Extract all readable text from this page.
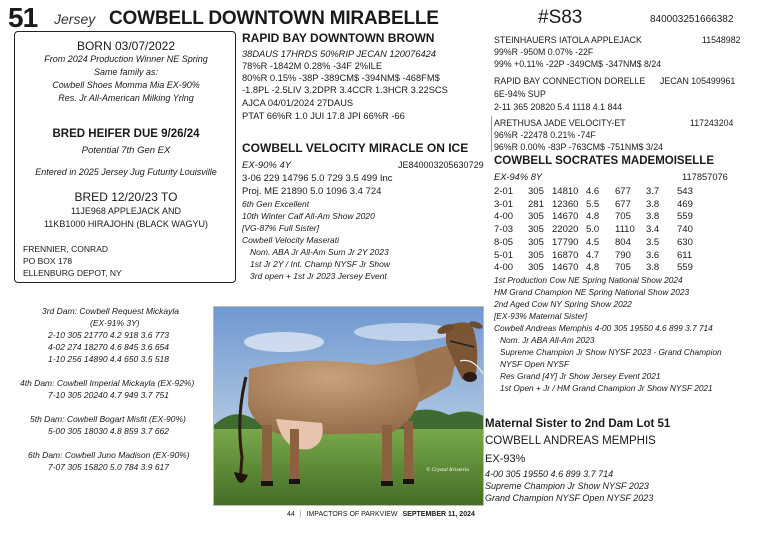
51 Jersey COWBELL DOWNTOWN MIRABELLE	#S83	840003251666382
BORN 03/07/2022
From 2024 Production Winner NE Spring
Same family as:
Cowbell Shoes Momma Mia EX-90%
Res. Jr All-American Milking Yrlng
BRED HEIFER DUE 9/26/24
Potential 7th Gen EX
Entered in 2025 Jersey Jug Futurity Louisville
BRED 12/20/23 TO
11JE968 APPLEJACK AND
11KB1000 HIRAJOHN (BLACK WAGYU)
FRENNIER, CONRAD
PO BOX 178
ELLENBURG DEPOT, NY
RAPID BAY DOWNTOWN BROWN
38DAUS 17HRDS 50%RIP JECAN 120076424
78%R -1842M 0.28% -34F 2%ILE
80%R 0.15% -38P -389CM$ -394NM$ -468FM$
-1.8PL -2.5LIV 3.2DPR 3.4CCR 1.3HCR 3.22SCS
AJCA 04/01/2024 27DAUS
PTAT 66%R 1.0 JUI 17.8 JPI 66%R -66
COWBELL VELOCITY MIRACLE ON ICE
EX-90% 4Y	JE840003205630729
3-06 229 14796 5.0 729 3.5 499 Inc
Proj. ME 21890 5.0 1096 3.4 724
6th Gen Excellent
10th Winter Calf All-Am Show 2020
[VG-87% Full Sister]
Cowbell Velocity Maserati
Nom. ABA Jr All-Am Sum Jr 2Y 2023
1st Jr 2Y / Int. Champ NYSF Jr Show
3rd open + 1st Jr 2023 Jersey Event
STEINHAUERS IATOLA APPLEJACK	11548982
99%R -950M 0.07% -22F
99% +0.11% -22P -349CM$ -347NM$ 8/24
RAPID BAY CONNECTION DORELLE JECAN 105499961
6E-94% SUP
2-11 365 20820 5.4 1118 4.1 844
ARETHUSA JADE VELOCITY-ET	117243204
96%R -22478 0.21% -74F
96%R 0.00% -83P -763CM$ -751NM$ 3/24
COWBELL SOCRATES MADEMOISELLE
EX-94% 8Y	117857076
2-01 305 14810 4.6 677 3.7 543
3-01 281 12360 5.5 677 3.8 469
4-00 305 14670 4.8 705 3.8 559
7-03 305 22020 5.0 1110 3.4 740
8-05 305 17790 4.5 804 3.5 630
5-01 305 16870 4.7 790 3.6 611
4-00 305 14670 4.8 705 3.8 559
1st Production Cow NE Spring National Show 2024
HM Grand Champion NE Spring National Show 2023
2nd Aged Cow NY Spring Show 2022
[EX-93% Maternal Sister]
Cowbell Andreas Memphis 4-00 305 19550 4.6 899 3.7 714
Nom. Jr ABA All-Am 2023
Supreme Champion Jr Show NYSF 2023 - Grand Champion
NYSF Open NYSF
Res Grand [4Y] Jr Show Jersey Event 2021
1st Open + Jr / HM Grand Champion Jr Show NYSF 2021
3rd Dam: Cowbell Request Mickayla
(EX-91% 3Y)
2-10 305 21770 4.2 918 3.6 773
4-02 274 18270 4.6 845 3.6 654
1-10 256 14890 4.4 650 3.5 518
4th Dam: Cowbell Imperial Mickayla (EX-92%)
7-10 305 20240 4.7 949 3.7 751
5th Dam: Cowbell Bogart Misfit (EX-90%)
5-00 305 18030 4.8 859 3.7 662
6th Dam: Cowbell Juno Madison (EX-90%)
7-07 305 15820 5.0 784 3.9 617	© Crystal Kristeria
Maternal Sister to 2nd Dam Lot 51
COWBELL ANDREAS MEMPHIS
EX-93%
4-00 305 19550 4.6 899 3.7 714
Supreme Champion Jr Show NYSF 2023
Grand Champion NYSF Open NYSF 2023
44 | IMPACTORS OF PARKVIEW SEPTEMBER 11, 2024
